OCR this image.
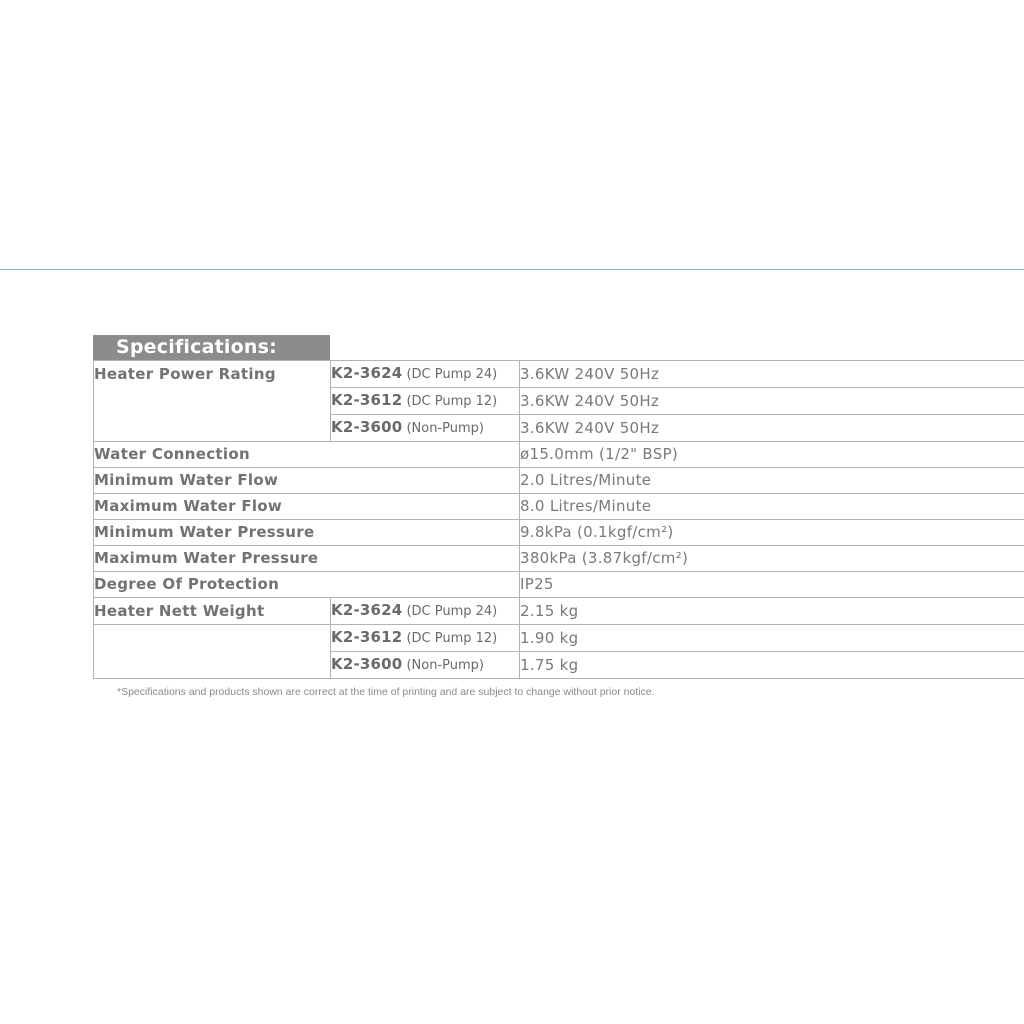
Specifications:
Heater Power Rating	K2-3624 (DC Pump 24)	3.6KW 240V 50Hz
	K2-3612 (DC Pump 12)	3.6KW 240V 50Hz
	K2-3600 (Non-Pump)	3.6KW 240V 50Hz
Water Connection		ø15.0mm (1/2" BSP)
Minimum Water Flow		2.0 Litres/Minute
Maximum Water Flow		8.0 Litres/Minute
Minimum Water Pressure		9.8kPa (0.1kgf/cm²)
Maximum Water Pressure		380kPa (3.87kgf/cm²)
Degree Of Protection		IP25
Heater Nett Weight	K2-3624 (DC Pump 24)	2.15 kg
	K2-3612 (DC Pump 12)	1.90 kg
	K2-3600 (Non-Pump)	1.75 kg
*Specifications and products shown are correct at the time of printing and are subject to change without prior notice.
